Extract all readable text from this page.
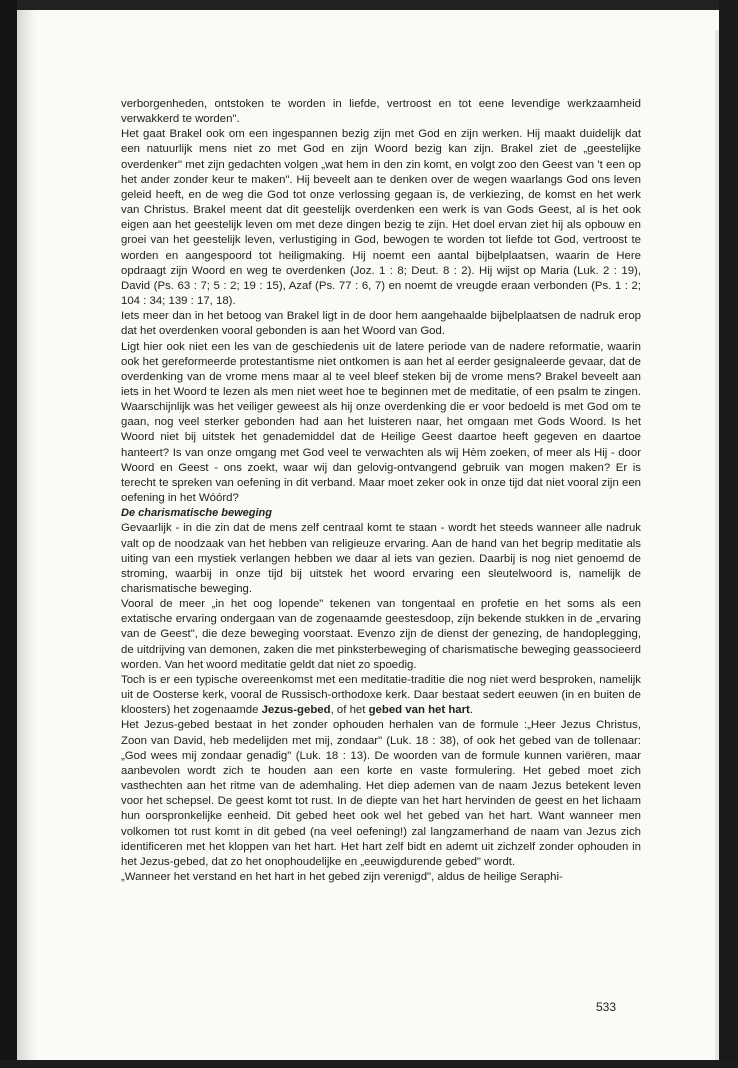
verborgenheden, ontstoken te worden in liefde, vertroost en tot eene levendige werkzaamheid verwakkerd te worden".

Het gaat Brakel ook om een ingespannen bezig zijn met God en zijn werken. Hij maakt duidelijk dat een natuurlijk mens niet zo met God en zijn Woord bezig kan zijn. Brakel ziet de „geestelijke overdenker" met zijn gedachten volgen „wat hem in den zin komt, en volgt zoo den Geest van 't een op het ander zonder keur te maken". Hij beveelt aan te denken over de wegen waarlangs God ons leven geleid heeft, en de weg die God tot onze verlossing gegaan is, de verkiezing, de komst en het werk van Christus. Brakel meent dat dit geestelijk overdenken een werk is van Gods Geest, al is het ook eigen aan het geestelijk leven om met deze dingen bezig te zijn. Het doel ervan ziet hij als opbouw en groei van het geestelijk leven, verlustiging in God, bewogen te worden tot liefde tot God, vertroost te worden en aangespoord tot heiligmaking. Hij noemt een aantal bijbelplaatsen, waarin de Here opdraagt zijn Woord en weg te overdenken (Joz. 1 : 8; Deut. 8 : 2). Hij wijst op Maria (Luk. 2 : 19), David (Ps. 63 : 7; 5 : 2; 19 : 15), Azaf (Ps. 77 : 6, 7) en noemt de vreugde eraan verbonden (Ps. 1 : 2; 104 : 34; 139 : 17, 18).

Iets meer dan in het betoog van Brakel ligt in de door hem aangehaalde bijbelplaatsen de nadruk erop dat het overdenken vooral gebonden is aan het Woord van God.

Ligt hier ook niet een les van de geschiedenis uit de latere periode van de nadere reformatie, waarin ook het gereformeerde protestantisme niet ontkomen is aan het al eerder gesignaleerde gevaar, dat de overdenking van de vrome mens maar al te veel bleef steken bij de vrome mens? Brakel beveelt aan iets in het Woord te lezen als men niet weet hoe te beginnen met de meditatie, of een psalm te zingen. Waarschijnlijk was het veiliger geweest als hij onze overdenking die er voor bedoeld is met God om te gaan, nog veel sterker gebonden had aan het luisteren naar, het omgaan met Gods Woord. Is het Woord niet bij uitstek het genademiddel dat de Heilige Geest daartoe heeft gegeven en daartoe hanteert? Is van onze omgang met God veel te verwachten als wij Hèm zoeken, of meer als Hij - door Woord en Geest - ons zoekt, waar wij dan gelovig-ontvangend gebruik van mogen maken? Er is terecht te spreken van oefening in dit verband. Maar moet zeker ook in onze tijd dat niet vooral zijn een oefening in het Wóórd?

De charismatische beweging

Gevaarlijk - in die zin dat de mens zelf centraal komt te staan - wordt het steeds wanneer alle nadruk valt op de noodzaak van het hebben van religieuze ervaring. Aan de hand van het begrip meditatie als uiting van een mystiek verlangen hebben we daar al iets van gezien. Daarbij is nog niet genoemd de stroming, waarbij in onze tijd bij uitstek het woord ervaring een sleutelwoord is, namelijk de charismatische beweging.

Vooral de meer „in het oog lopende" tekenen van tongentaal en profetie en het soms als een extatische ervaring ondergaan van de zogenaamde geestesdoop, zijn bekende stukken in de „ervaring van de Geest", die deze beweging voorstaat. Evenzo zijn de dienst der genezing, de handoplegging, de uitdrijving van demonen, zaken die met pinksterbeweging of charismatische beweging geassocieerd worden. Van het woord meditatie geldt dat niet zo spoedig.

Toch is er een typische overeenkomst met een meditatie-traditie die nog niet werd besproken, namelijk uit de Oosterse kerk, vooral de Russisch-orthodoxe kerk. Daar bestaat sedert eeuwen (in en buiten de kloosters) het zogenaamde Jezus-gebed, of het gebed van het hart.

Het Jezus-gebed bestaat in het zonder ophouden herhalen van de formule :„Heer Jezus Christus, Zoon van David, heb medelijden met mij, zondaar" (Luk. 18 : 38), of ook het gebed van de tollenaar: „God wees mij zondaar genadig" (Luk. 18 : 13). De woorden van de formule kunnen variëren, maar aanbevolen wordt zich te houden aan een korte en vaste formulering. Het gebed moet zich vasthechten aan het ritme van de ademhaling. Het diep ademen van de naam Jezus betekent leven voor het schepsel. De geest komt tot rust. In de diepte van het hart hervinden de geest en het lichaam hun oorspronkelijke eenheid. Dit gebed heet ook wel het gebed van het hart. Want wanneer men volkomen tot rust komt in dit gebed (na veel oefening!) zal langzamerhand de naam van Jezus zich identificeren met het kloppen van het hart. Het hart zelf bidt en ademt uit zichzelf zonder ophouden in het Jezus-gebed, dat zo het onophoudelijke en „eeuwigdurende gebed" wordt.

„Wanneer het verstand en het hart in het gebed zijn verenigd", aldus de heilige Seraphi-

533
